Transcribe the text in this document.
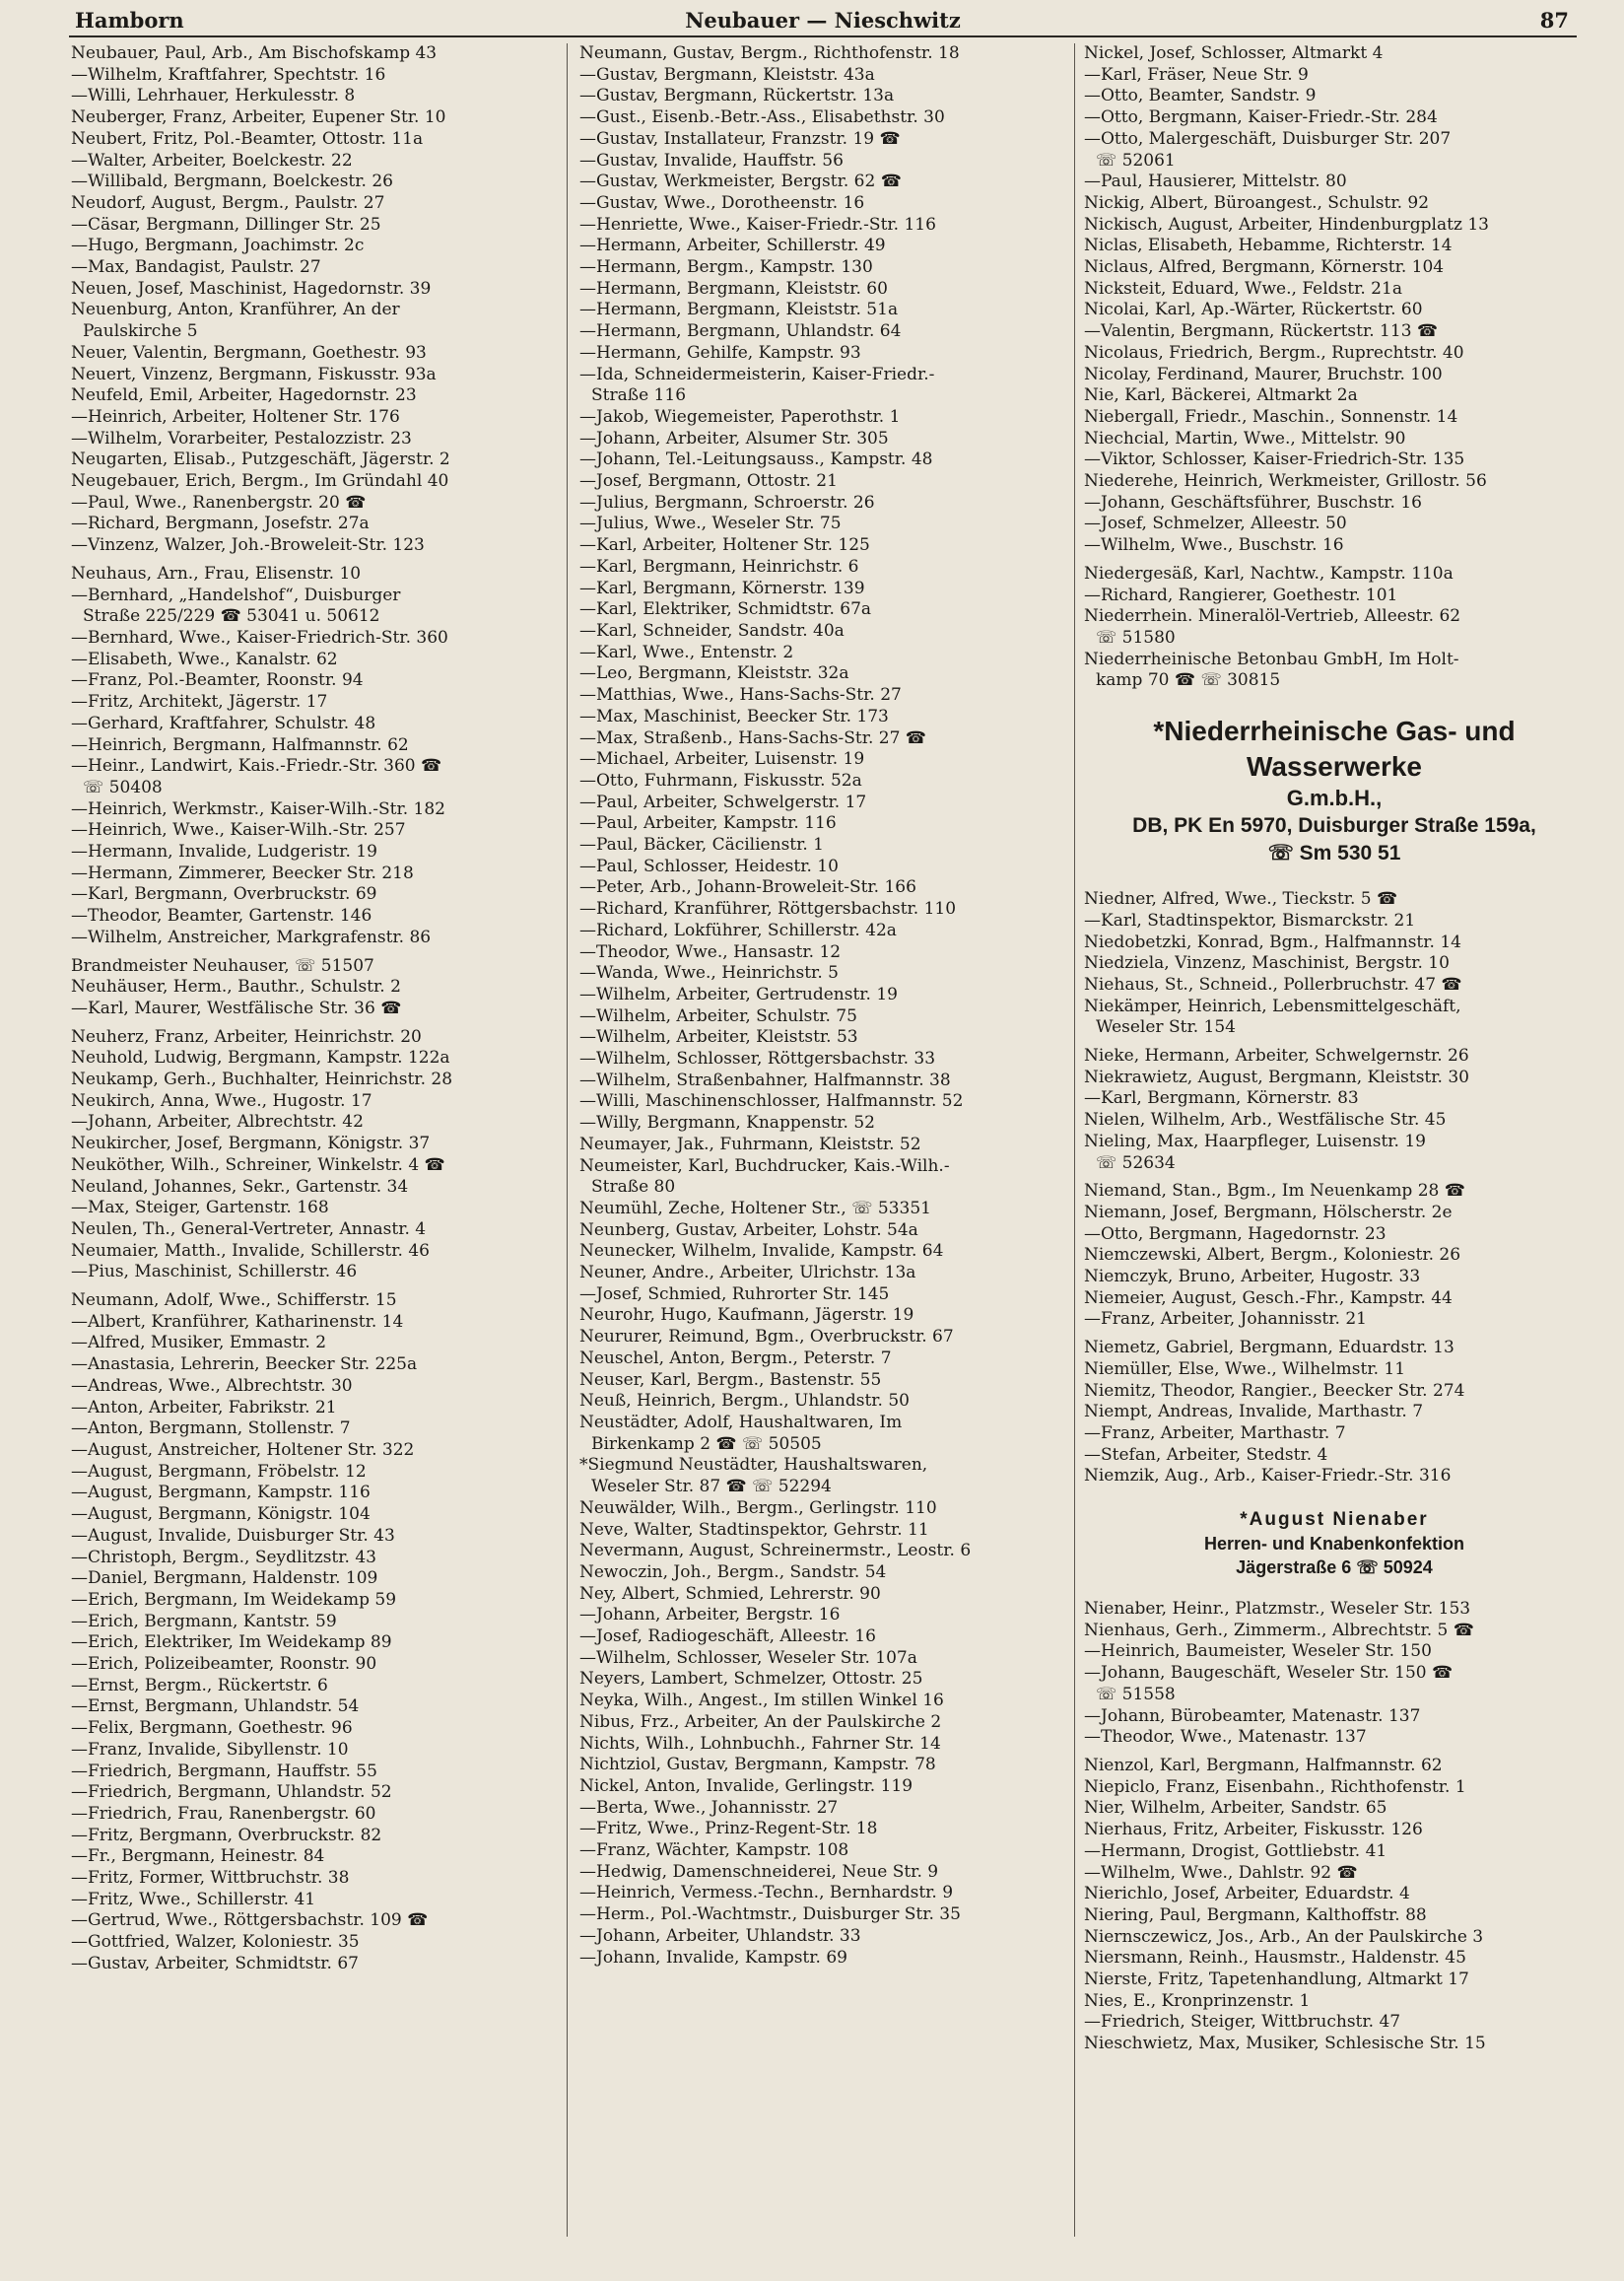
Hamborn	Neubauer — Nieschwitz	87
Neubauer, Paul, Arb., Am Bischofskamp 43
—Wilhelm, Kraftfahrer, Spechtstr. 16
—Willi, Lehrhauer, Herkulesstr. 8
Neuberger, Franz, Arbeiter, Eupener Str. 10
Neubert, Fritz, Pol.-Beamter, Ottostr. 11a
—Walter, Arbeiter, Boelckestr. 22
—Willibald, Bergmann, Boelckestr. 26
Neudorf, August, Bergm., Paulstr. 27
—Cäsar, Bergmann, Dillinger Str. 25
—Hugo, Bergmann, Joachimstr. 2c
—Max, Bandagist, Paulstr. 27
Neuen, Josef, Maschinist, Hagedornstr. 39
Neuenburg, Anton, Kranführer, An der
Paulskirche 5
Neuer, Valentin, Bergmann, Goethestr. 93
Neuert, Vinzenz, Bergmann, Fiskusstr. 93a
Neufeld, Emil, Arbeiter, Hagedornstr. 23
—Heinrich, Arbeiter, Holtener Str. 176
—Wilhelm, Vorarbeiter, Pestalozzistr. 23
Neugarten, Elisab., Putzgeschäft, Jägerstr. 2
Neugebauer, Erich, Bergm., Im Gründahl 40
—Paul, Wwe., Ranenbergstr. 20 ☎
—Richard, Bergmann, Josefstr. 27a
—Vinzenz, Walzer, Joh.-Broweleit-Str. 123
Neuhaus, Arn., Frau, Elisenstr. 10
—Bernhard, „Handelshof“, Duisburger
Straße 225/229 ☎ 53041 u. 50612
—Bernhard, Wwe., Kaiser-Friedrich-Str. 360
—Elisabeth, Wwe., Kanalstr. 62
—Franz, Pol.-Beamter, Roonstr. 94
—Fritz, Architekt, Jägerstr. 17
—Gerhard, Kraftfahrer, Schulstr. 48
—Heinrich, Bergmann, Halfmannstr. 62
—Heinr., Landwirt, Kais.-Friedr.-Str. 360 ☎
☏ 50408
—Heinrich, Werkmstr., Kaiser-Wilh.-Str. 182
—Heinrich, Wwe., Kaiser-Wilh.-Str. 257
—Hermann, Invalide, Ludgeristr. 19
—Hermann, Zimmerer, Beecker Str. 218
—Karl, Bergmann, Overbruckstr. 69
—Theodor, Beamter, Gartenstr. 146
—Wilhelm, Anstreicher, Markgrafenstr. 86
Brandmeister Neuhauser, ☏ 51507
Neuhäuser, Herm., Bauthr., Schulstr. 2
—Karl, Maurer, Westfälische Str. 36 ☎
Neuherz, Franz, Arbeiter, Heinrichstr. 20
Neuhold, Ludwig, Bergmann, Kampstr. 122a
Neukamp, Gerh., Buchhalter, Heinrichstr. 28
Neukirch, Anna, Wwe., Hugostr. 17
—Johann, Arbeiter, Albrechtstr. 42
Neukircher, Josef, Bergmann, Königstr. 37
Neuköther, Wilh., Schreiner, Winkelstr. 4 ☎
Neuland, Johannes, Sekr., Gartenstr. 34
—Max, Steiger, Gartenstr. 168
Neulen, Th., General-Vertreter, Annastr. 4
Neumaier, Matth., Invalide, Schillerstr. 46
—Pius, Maschinist, Schillerstr. 46
Neumann, Adolf, Wwe., Schifferstr. 15
—Albert, Kranführer, Katharinenstr. 14
—Alfred, Musiker, Emmastr. 2
—Anastasia, Lehrerin, Beecker Str. 225a
—Andreas, Wwe., Albrechtstr. 30
—Anton, Arbeiter, Fabrikstr. 21
—Anton, Bergmann, Stollenstr. 7
—August, Anstreicher, Holtener Str. 322
—August, Bergmann, Fröbelstr. 12
—August, Bergmann, Kampstr. 116
—August, Bergmann, Königstr. 104
—August, Invalide, Duisburger Str. 43
—Christoph, Bergm., Seydlitzstr. 43
—Daniel, Bergmann, Haldenstr. 109
—Erich, Bergmann, Im Weidekamp 59
—Erich, Bergmann, Kantstr. 59
—Erich, Elektriker, Im Weidekamp 89
—Erich, Polizeibeamter, Roonstr. 90
—Ernst, Bergm., Rückertstr. 6
—Ernst, Bergmann, Uhlandstr. 54
—Felix, Bergmann, Goethestr. 96
—Franz, Invalide, Sibyllenstr. 10
—Friedrich, Bergmann, Hauffstr. 55
—Friedrich, Bergmann, Uhlandstr. 52
—Friedrich, Frau, Ranenbergstr. 60
—Fritz, Bergmann, Overbruckstr. 82
—Fr., Bergmann, Heinestr. 84
—Fritz, Former, Wittbruchstr. 38
—Fritz, Wwe., Schillerstr. 41
—Gertrud, Wwe., Röttgersbachstr. 109 ☎
—Gottfried, Walzer, Koloniestr. 35
—Gustav, Arbeiter, Schmidtstr. 67
Neumann, Gustav, Bergm., Richthofenstr. 18
—Gustav, Bergmann, Kleiststr. 43a
—Gustav, Bergmann, Rückertstr. 13a
—Gust., Eisenb.-Betr.-Ass., Elisabethstr. 30
—Gustav, Installateur, Franzstr. 19 ☎
—Gustav, Invalide, Hauffstr. 56
—Gustav, Werkmeister, Bergstr. 62 ☎
—Gustav, Wwe., Dorotheenstr. 16
—Henriette, Wwe., Kaiser-Friedr.-Str. 116
—Hermann, Arbeiter, Schillerstr. 49
—Hermann, Bergm., Kampstr. 130
—Hermann, Bergmann, Kleiststr. 60
—Hermann, Bergmann, Kleiststr. 51a
—Hermann, Bergmann, Uhlandstr. 64
—Hermann, Gehilfe, Kampstr. 93
—Ida, Schneidermeisterin, Kaiser-Friedr.-
Straße 116
—Jakob, Wiegemeister, Paperothstr. 1
—Johann, Arbeiter, Alsumer Str. 305
—Johann, Tel.-Leitungsauss., Kampstr. 48
—Josef, Bergmann, Ottostr. 21
—Julius, Bergmann, Schroerstr. 26
—Julius, Wwe., Weseler Str. 75
—Karl, Arbeiter, Holtener Str. 125
—Karl, Bergmann, Heinrichstr. 6
—Karl, Bergmann, Körnerstr. 139
—Karl, Elektriker, Schmidtstr. 67a
—Karl, Schneider, Sandstr. 40a
—Karl, Wwe., Entenstr. 2
—Leo, Bergmann, Kleiststr. 32a
—Matthias, Wwe., Hans-Sachs-Str. 27
—Max, Maschinist, Beecker Str. 173
—Max, Straßenb., Hans-Sachs-Str. 27 ☎
—Michael, Arbeiter, Luisenstr. 19
—Otto, Fuhrmann, Fiskusstr. 52a
—Paul, Arbeiter, Schwelgerstr. 17
—Paul, Arbeiter, Kampstr. 116
—Paul, Bäcker, Cäcilienstr. 1
—Paul, Schlosser, Heidestr. 10
—Peter, Arb., Johann-Broweleit-Str. 166
—Richard, Kranführer, Röttgersbachstr. 110
—Richard, Lokführer, Schillerstr. 42a
—Theodor, Wwe., Hansastr. 12
—Wanda, Wwe., Heinrichstr. 5
—Wilhelm, Arbeiter, Gertrudenstr. 19
—Wilhelm, Arbeiter, Schulstr. 75
—Wilhelm, Arbeiter, Kleiststr. 53
—Wilhelm, Schlosser, Röttgersbachstr. 33
—Wilhelm, Straßenbahner, Halfmannstr. 38
—Willi, Maschinenschlosser, Halfmannstr. 52
—Willy, Bergmann, Knappenstr. 52
Neumayer, Jak., Fuhrmann, Kleiststr. 52
Neumeister, Karl, Buchdrucker, Kais.-Wilh.-
Straße 80
Neumühl, Zeche, Holtener Str., ☏ 53351
Neunberg, Gustav, Arbeiter, Lohstr. 54a
Neunecker, Wilhelm, Invalide, Kampstr. 64
Neuner, Andre., Arbeiter, Ulrichstr. 13a
—Josef, Schmied, Ruhrorter Str. 145
Neurohr, Hugo, Kaufmann, Jägerstr. 19
Neururer, Reimund, Bgm., Overbruckstr. 67
Neuschel, Anton, Bergm., Peterstr. 7
Neuser, Karl, Bergm., Bastenstr. 55
Neuß, Heinrich, Bergm., Uhlandstr. 50
Neustädter, Adolf, Haushaltwaren, Im
Birkenkamp 2 ☎ ☏ 50505
*Siegmund Neustädter, Haushaltswaren,
Weseler Str. 87 ☎ ☏ 52294
Neuwälder, Wilh., Bergm., Gerlingstr. 110
Neve, Walter, Stadtinspektor, Gehrstr. 11
Nevermann, August, Schreinermstr., Leostr. 6
Newoczin, Joh., Bergm., Sandstr. 54
Ney, Albert, Schmied, Lehrerstr. 90
—Johann, Arbeiter, Bergstr. 16
—Josef, Radiogeschäft, Alleestr. 16
—Wilhelm, Schlosser, Weseler Str. 107a
Neyers, Lambert, Schmelzer, Ottostr. 25
Neyka, Wilh., Angest., Im stillen Winkel 16
Nibus, Frz., Arbeiter, An der Paulskirche 2
Nichts, Wilh., Lohnbuchh., Fahrner Str. 14
Nichtziol, Gustav, Bergmann, Kampstr. 78
Nickel, Anton, Invalide, Gerlingstr. 119
—Berta, Wwe., Johannisstr. 27
—Fritz, Wwe., Prinz-Regent-Str. 18
—Franz, Wächter, Kampstr. 108
—Hedwig, Damenschneiderei, Neue Str. 9
—Heinrich, Vermess.-Techn., Bernhardstr. 9
—Herm., Pol.-Wachtmstr., Duisburger Str. 35
—Johann, Arbeiter, Uhlandstr. 33
—Johann, Invalide, Kampstr. 69
Nickel, Josef, Schlosser, Altmarkt 4
—Karl, Fräser, Neue Str. 9
—Otto, Beamter, Sandstr. 9
—Otto, Bergmann, Kaiser-Friedr.-Str. 284
—Otto, Malergeschäft, Duisburger Str. 207
☏ 52061
—Paul, Hausierer, Mittelstr. 80
Nickig, Albert, Büroangest., Schulstr. 92
Nickisch, August, Arbeiter, Hindenburgplatz 13
Niclas, Elisabeth, Hebamme, Richterstr. 14
Niclaus, Alfred, Bergmann, Körnerstr. 104
Nicksteit, Eduard, Wwe., Feldstr. 21a
Nicolai, Karl, Ap.-Wärter, Rückertstr. 60
—Valentin, Bergmann, Rückertstr. 113 ☎
Nicolaus, Friedrich, Bergm., Ruprechtstr. 40
Nicolay, Ferdinand, Maurer, Bruchstr. 100
Nie, Karl, Bäckerei, Altmarkt 2a
Niebergall, Friedr., Maschin., Sonnenstr. 14
Niechcial, Martin, Wwe., Mittelstr. 90
—Viktor, Schlosser, Kaiser-Friedrich-Str. 135
Niederehe, Heinrich, Werkmeister, Grillostr. 56
—Johann, Geschäftsführer, Buschstr. 16
—Josef, Schmelzer, Alleestr. 50
—Wilhelm, Wwe., Buschstr. 16
Niedergesäß, Karl, Nachtw., Kampstr. 110a
—Richard, Rangierer, Goethestr. 101
Niederrhein. Mineralöl-Vertrieb, Alleestr. 62
☏ 51580
Niederrheinische Betonbau GmbH, Im Holt-
kamp 70 ☎ ☏ 30815
*Niederrheinische Gas- und Wasserwerke
G.m.b.H.,
DB, PK En 5970, Duisburger Straße 159a,
☏ Sm 530 51
Niedner, Alfred, Wwe., Tieckstr. 5 ☎
—Karl, Stadtinspektor, Bismarckstr. 21
Niedobetzki, Konrad, Bgm., Halfmannstr. 14
Niedziela, Vinzenz, Maschinist, Bergstr. 10
Niehaus, St., Schneid., Pollerbruchstr. 47 ☎
Niekämper, Heinrich, Lebensmittelgeschäft,
Weseler Str. 154
Nieke, Hermann, Arbeiter, Schwelgernstr. 26
Niekrawietz, August, Bergmann, Kleiststr. 30
—Karl, Bergmann, Körnerstr. 83
Nielen, Wilhelm, Arb., Westfälische Str. 45
Nieling, Max, Haarpfleger, Luisenstr. 19
☏ 52634
Niemand, Stan., Bgm., Im Neuenkamp 28 ☎
Niemann, Josef, Bergmann, Hölscherstr. 2e
—Otto, Bergmann, Hagedornstr. 23
Niemczewski, Albert, Bergm., Koloniestr. 26
Niemczyk, Bruno, Arbeiter, Hugostr. 33
Niemeier, August, Gesch.-Fhr., Kampstr. 44
—Franz, Arbeiter, Johannisstr. 21
Niemetz, Gabriel, Bergmann, Eduardstr. 13
Niemüller, Else, Wwe., Wilhelmstr. 11
Niemitz, Theodor, Rangier., Beecker Str. 274
Niempt, Andreas, Invalide, Marthastr. 7
—Franz, Arbeiter, Marthastr. 7
—Stefan, Arbeiter, Stedstr. 4
Niemzik, Aug., Arb., Kaiser-Friedr.-Str. 316
*August Nienaber
Herren- und Knabenkonfektion
Jägerstraße 6 ☏ 50924
Nienaber, Heinr., Platzmstr., Weseler Str. 153
Nienhaus, Gerh., Zimmerm., Albrechtstr. 5 ☎
—Heinrich, Baumeister, Weseler Str. 150
—Johann, Baugeschäft, Weseler Str. 150 ☎
☏ 51558
—Johann, Bürobeamter, Matenastr. 137
—Theodor, Wwe., Matenastr. 137
Nienzol, Karl, Bergmann, Halfmannstr. 62
Niepiclo, Franz, Eisenbahn., Richthofenstr. 1
Nier, Wilhelm, Arbeiter, Sandstr. 65
Nierhaus, Fritz, Arbeiter, Fiskusstr. 126
—Hermann, Drogist, Gottliebstr. 41
—Wilhelm, Wwe., Dahlstr. 92 ☎
Nierichlo, Josef, Arbeiter, Eduardstr. 4
Niering, Paul, Bergmann, Kalthoffstr. 88
Niernsczewicz, Jos., Arb., An der Paulskirche 3
Niersmann, Reinh., Hausmstr., Haldenstr. 45
Nierste, Fritz, Tapetenhandlung, Altmarkt 17
Nies, E., Kronprinzenstr. 1
—Friedrich, Steiger, Wittbruchstr. 47
Nieschwietz, Max, Musiker, Schlesische Str. 15
